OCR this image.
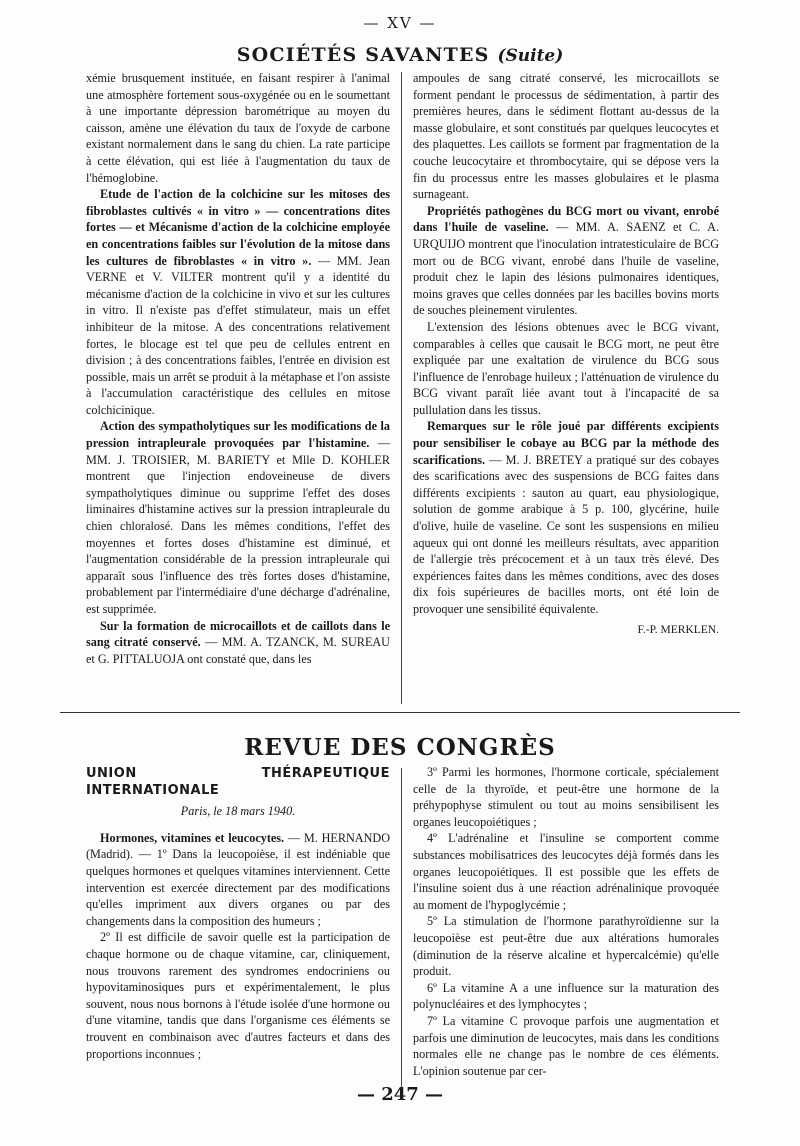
— XV —
SOCIÉTÉS SAVANTES (Suite)

xémie brusquement instituée, en faisant respirer à l'animal une atmosphère fortement sous-oxygénée ou en le soumettant à une importante dépression barométrique au moyen du caisson, amène une élévation du taux de l'oxyde de carbone existant normalement dans le sang du chien. La rate participe à cette élévation, qui est liée à l'augmentation du taux de l'hémoglobine.

Etude de l'action de la colchicine sur les mitoses des fibroblastes cultivés « in vitro » — concentrations dites fortes — et Mécanisme d'action de la colchicine employée en concentrations faibles sur l'évolution de la mitose dans les cultures de fibroblastes « in vitro ». — MM. Jean VERNE et V. VILTER montrent qu'il y a identité du mécanisme d'action de la colchicine in vivo et sur les cultures in vitro. Il n'existe pas d'effet stimulateur, mais un effet inhibiteur de la mitose. A des concentrations relativement fortes, le blocage est tel que peu de cellules entrent en division ; à des concentrations faibles, l'entrée en division est possible, mais un arrêt se produit à la métaphase et l'on assiste à l'accumulation caractéristique des cellules en mitose colchicinique.

Action des sympatholytiques sur les modifications de la pression intrapleurale provoquées par l'histamine. — MM. J. TROISIER, M. BARIETY et Mlle D. KOHLER montrent que l'injection endoveineuse de divers sympatholytiques diminue ou supprime l'effet des doses liminaires d'histamine actives sur la pression intrapleurale du chien chloralosé. Dans les mêmes conditions, l'effet des moyennes et fortes doses d'histamine est diminué, et l'augmentation considérable de la pression intrapleurale qui apparaît sous l'influence des très fortes doses d'histamine, probablement par l'intermédiaire d'une décharge d'adrénaline, est supprimée.

Sur la formation de microcaillots et de caillots dans le sang citraté conservé. — MM. A. TZANCK, M. SUREAU et G. PITTALUOJA ont constaté que, dans les

ampoules de sang citraté conservé, les microcaillots se forment pendant le processus de sédimentation, à partir des premières heures, dans le sédiment flottant au-dessus de la masse globulaire, et sont constitués par quelques leucocytes et des plaquettes. Les caillots se forment par fragmentation de la couche leucocytaire et thrombocytaire, qui se dépose vers la fin du processus entre les masses globulaires et le plasma surnageant.

Propriétés pathogènes du BCG mort ou vivant, enrobé dans l'huile de vaseline. — MM. A. SAENZ et C. A. URQUIJO montrent que l'inoculation intratesticulaire de BCG mort ou de BCG vivant, enrobé dans l'huile de vaseline, produit chez le lapin des lésions pulmonaires identiques, moins graves que celles données par les bacilles bovins morts de souches pleinement virulentes.

L'extension des lésions obtenues avec le BCG vivant, comparables à celles que causait le BCG mort, ne peut être expliquée par une exaltation de virulence du BCG sous l'influence de l'enrobage huileux ; l'atténuation de virulence du BCG vivant paraît liée avant tout à l'incapacité de sa pullulation dans les tissus.

Remarques sur le rôle joué par différents excipients pour sensibiliser le cobaye au BCG par la méthode des scarifications. — M. J. BRETEY a pratiqué sur des cobayes des scarifications avec des suspensions de BCG faites dans différents excipients : sauton au quart, eau physiologique, solution de gomme arabique à 5 p. 100, glycérine, huile d'olive, huile de vaseline. Ce sont les suspensions en milieu aqueux qui ont donné les meilleurs résultats, avec apparition de l'allergie très précocement et à un taux très élevé. Des expériences faites dans les mêmes conditions, avec des doses dix fois supérieures de bacilles morts, ont été loin de provoquer une sensibilité équivalente.

F.-P. MERKLEN.
REVUE DES CONGRÈS

UNION THÉRAPEUTIQUE INTERNATIONALE

Paris, le 18 mars 1940.

Hormones, vitamines et leucocytes. — M. HERNANDO (Madrid). — 1º Dans la leucopoièse, il est indéniable que quelques hormones et quelques vitamines interviennent. Cette intervention est exercée directement par des modifications qu'elles impriment aux divers organes ou par des changements dans la composition des humeurs ;

2º Il est difficile de savoir quelle est la participation de chaque hormone ou de chaque vitamine, car, cliniquement, nous trouvons rarement des syndromes endocriniens ou hypovitaminosiques purs et expérimentalement, le plus souvent, nous nous bornons à l'étude isolée d'une hormone ou d'une vitamine, tandis que dans l'organisme ces éléments se trouvent en combinaison avec d'autres facteurs et dans des proportions inconnues ;

3º Parmi les hormones, l'hormone corticale, spécialement celle de la thyroïde, et peut-être une hormone de la préhypophyse stimulent ou tout au moins sensibilisent les organes leucopoiétiques ;

4º L'adrénaline et l'insuline se comportent comme substances mobilisatrices des leucocytes déjà formés dans les organes leucopoiétiques. Il est possible que les effets de l'insuline soient dus à une réaction adrénalinique provoquée au moment de l'hypoglycémie ;

5º La stimulation de l'hormone parathyroïdienne sur la leucopoièse est peut-être due aux altérations humorales (diminution de la réserve alcaline et hypercalcémie) qu'elle produit.

6º La vitamine A a une influence sur la maturation des polynucléaires et des lymphocytes ;

7º La vitamine C provoque parfois une augmentation et parfois une diminution de leucocytes, mais dans les conditions normales elle ne change pas le nombre de ces éléments. L'opinion soutenue par cer-

— 247 —
